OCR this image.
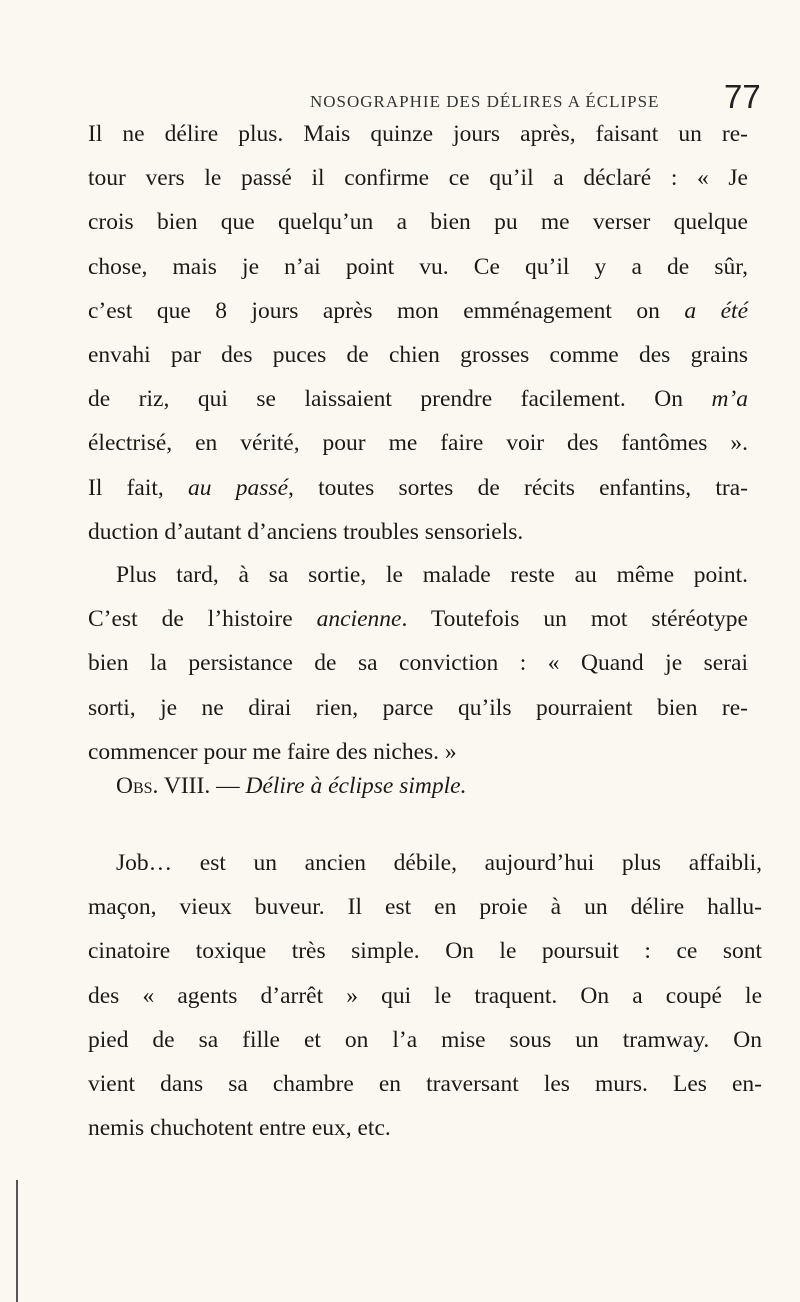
NOSOGRAPHIE DES DÉLIRES A ÉCLIPSE 77
Il ne délire plus. Mais quinze jours après, faisant un re-
tour vers le passé il confirme ce qu’il a déclaré : « Je
crois bien que quelqu’un a bien pu me verser quelque
chose, mais je n’ai point vu. Ce qu’il y a de sûr,
c’est que 8 jours après mon emménagement on a été
envahi par des puces de chien grosses comme des grains
de riz, qui se laissaient prendre facilement. On m’a
électrisé, en vérité, pour me faire voir des fantômes ».
Il fait, au passé, toutes sortes de récits enfantins, tra-
duction d’autant d’anciens troubles sensoriels.
Plus tard, à sa sortie, le malade reste au même point.
C’est de l’histoire ancienne. Toutefois un mot stéréotype
bien la persistance de sa conviction : « Quand je serai
sorti, je ne dirai rien, parce qu’ils pourraient bien re-
commencer pour me faire des niches. »
Obs. VIII. — Délire à éclipse simple.
Job… est un ancien débile, aujourd’hui plus affaibli,
maçon, vieux buveur. Il est en proie à un délire hallu-
cinatoire toxique très simple. On le poursuit : ce sont
des « agents d’arrêt » qui le traquent. On a coupé le
pied de sa fille et on l’a mise sous un tramway. On
vient dans sa chambre en traversant les murs. Les en-
nemis chuchotent entre eux, etc.
